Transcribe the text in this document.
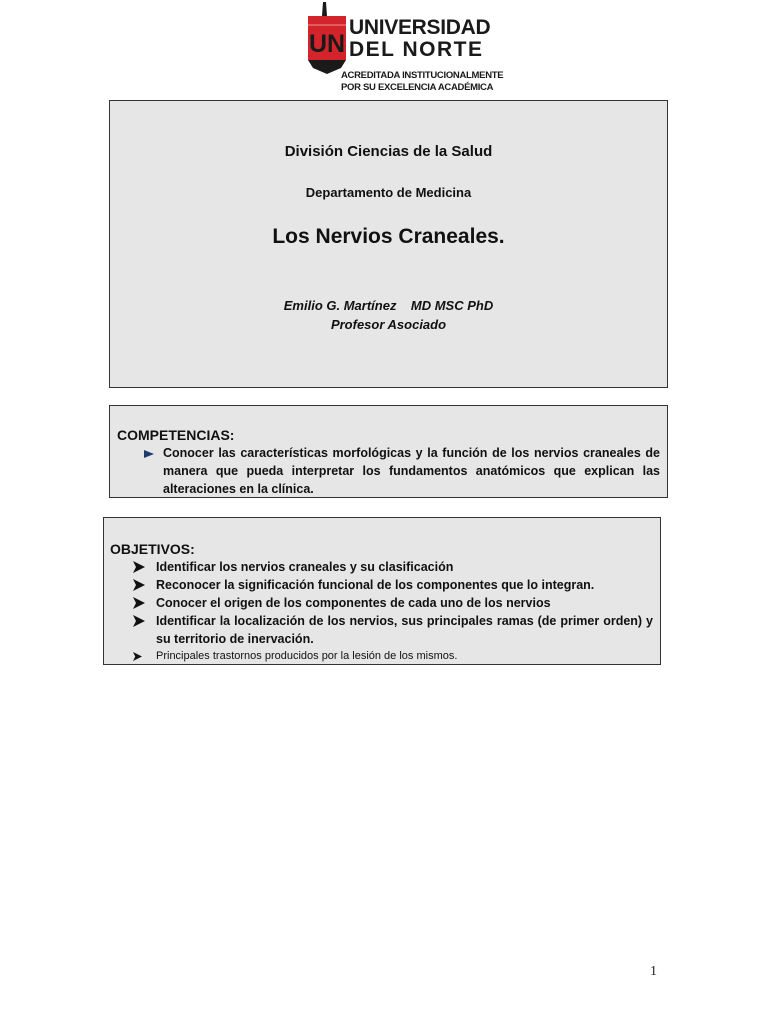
UN
UNIVERSIDAD
DEL NORTE
ACREDITADA INSTITUCIONALMENTE
POR SU EXCELENCIA ACADÉMICA
División Ciencias de la Salud
Departamento de Medicina
Los Nervios Craneales.
Emilio G. Martínez    MD MSC PhD
Profesor Asociado
COMPETENCIAS:
Conocer las características morfológicas y la función de los nervios craneales de manera que pueda interpretar los fundamentos anatómicos que explican las alteraciones en la clínica.
OBJETIVOS:
Identificar los nervios craneales y su clasificación
Reconocer la significación funcional de los componentes que lo integran.
Conocer el origen de los componentes de cada uno de los nervios
Identificar la localización de los nervios, sus principales ramas (de primer orden) y su territorio de inervación.
Principales trastornos producidos por la lesión de los mismos.
1
